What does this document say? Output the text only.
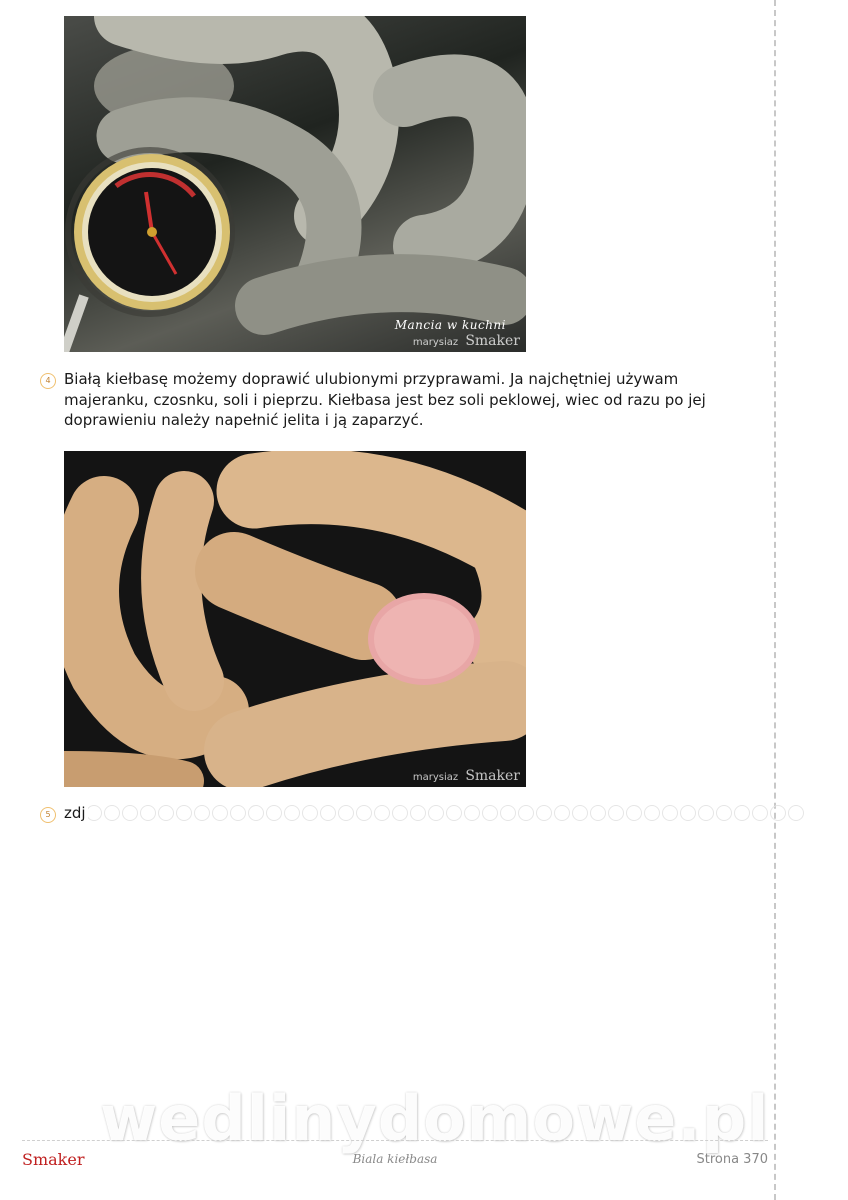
Mancia w kuchni
marysiaz Smaker
4 Białą kiełbasę możemy doprawić ulubionymi przyprawami. Ja najchętniej używam majeranku, czosnku, soli i pieprzu. Kiełbasa jest bez soli peklowej, wiec od razu po jej doprawieniu należy napełnić jelita i ją zaparzyć.
marysiaz Smaker
5 zdj
wedlinydomowe.pl
Smaker	Biala kiełbasa	Strona 370
